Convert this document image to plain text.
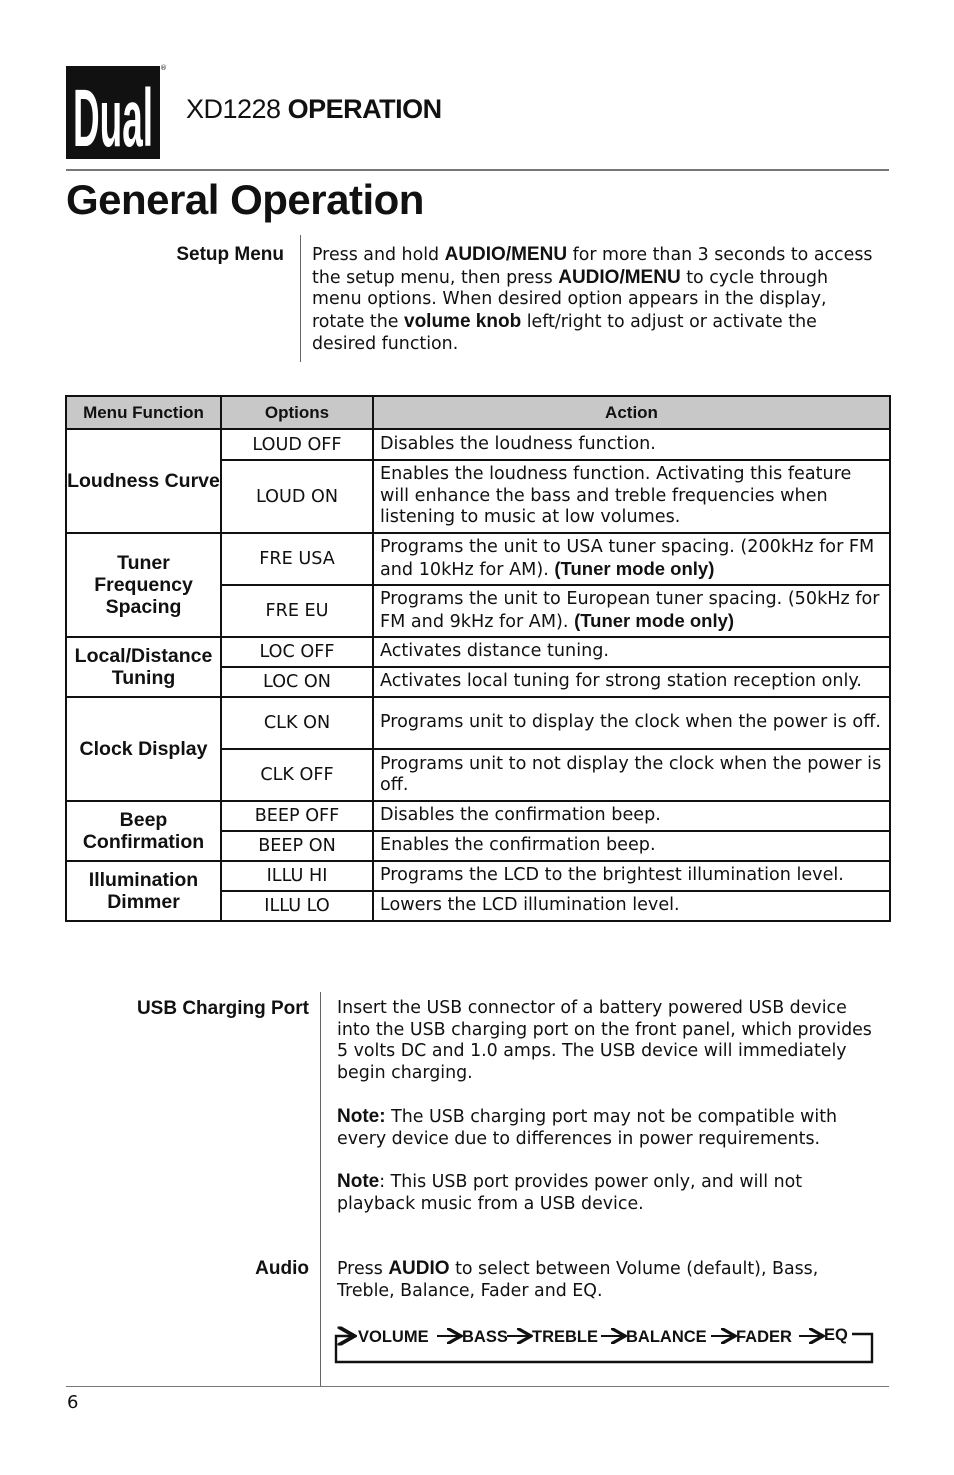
Dual
®
XD1228 OPERATION
General Operation
Setup Menu Press and hold AUDIO/MENU for more than 3 seconds to access the setup menu, then press AUDIO/MENU to cycle through menu options. When desired option appears in the display, rotate the volume knob left/right to adjust or activate the desired function.
Menu Function	Options	Action
Loudness Curve	LOUD OFF	Disables the loudness function.
	LOUD ON	Enables the loudness function. Activating this feature will enhance the bass and treble frequencies when listening to music at low volumes.
Tuner Frequency Spacing	FRE USA	Programs the unit to USA tuner spacing. (200kHz for FM and 10kHz for AM). (Tuner mode only)
	FRE EU	Programs the unit to European tuner spacing. (50kHz for FM and 9kHz for AM). (Tuner mode only)
Local/Distance Tuning	LOC OFF	Activates distance tuning.
	LOC ON	Activates local tuning for strong station reception only.
Clock Display	CLK ON	Programs unit to display the clock when the power is off.
	CLK OFF	Programs unit to not display the clock when the power is off.
Beep Confirmation	BEEP OFF	Disables the confirmation beep.
	BEEP ON	Enables the confirmation beep.
Illumination Dimmer	ILLU HI	Programs the LCD to the brightest illumination level.
	ILLU LO	Lowers the LCD illumination level.
USB Charging Port Insert the USB connector of a battery powered USB device into the USB charging port on the front panel, which provides 5 volts DC and 1.0 amps. The USB device will immediately begin charging.
Note: The USB charging port may not be compatible with every device due to differences in power requirements.
Note: This USB port provides power only, and will not playback music from a USB device.
Audio Press AUDIO to select between Volume (default), Bass, Treble, Balance, Fader and EQ.
VOLUME BASS TREBLE BALANCE FADER EQ
6
